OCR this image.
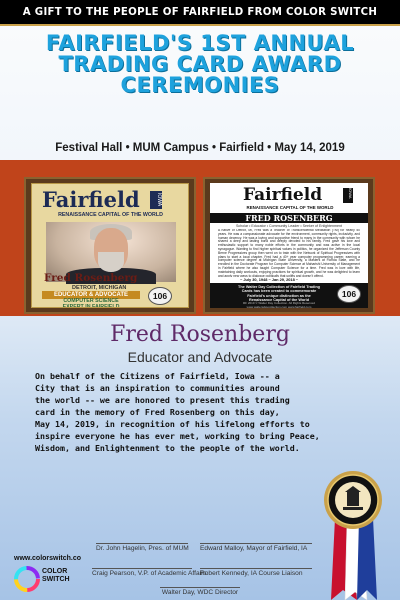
A GIFT TO THE PEOPLE OF FAIRFIELD FROM COLOR SWITCH
FAIRFIELD'S 1ST ANNUAL
TRADING CARD AWARD
CEREMONIES
Festival Hall • MUM Campus • Fairfield • May 14, 2019
Fairfield	IOWA
RENAISSANCE CAPITAL OF THE WORLD
Fred Rosenberg
DETROIT, MICHIGAN
EDUCATOR & ADVOCATE
COMPUTER SCIENCE
EXPERT IN FAIRFIELD
106
Fairfield	IOWA
RENAISSANCE CAPITAL OF THE WORLD
FRED ROSENBERG
Scholar • Educator • Community Leader • Seeker of Enlightenment
A native of Detroit, MI, Fred was a Teacher of Transcendental Meditation (TM) for nearly 50 years. He was a compassionate advocate for the environment, community rights, inclusivity, and human decency. He was a loving and supportive friend to many in the community with whom he shared a deep and lasting bond and deeply devoted to his family. Fred gave his love and enthusiastic support to many noble efforts in the community and was active in the local synagogue. Wanting to find higher spiritual values in politics, he organized the Jefferson County Berne Progressives group then went on to train with the Network of Spiritual Progressives with plans to start a local chapter. Fred had a 40+ year computer programming career, earning a computer science degree at Michigan State University, a Masters at Florida State, and he enrolled in the Doctorate Program for Computer Science at Maharishi University of Management in Fairfield where he also taught Computer Science for a time. Fred was in love with life, maintaining daily workouts, enjoying practices for spiritual growth, and he was delighted to learn and apply new ways to dialogue politically that uplifts and doesn't offend.
~ July 30, 1948 ~ Jan 29, 2018 ~
The Walter Day Collection of Fairfield Trading
Cards has been created to commemorate
Fairfield's unique distinction as the
Renaissance Capital of the World
RF 2019 © Walter Day Collection. All Rights Reserved
www.waltersdaycollection.com www.fairfield.com
106
Fred Rosenberg
Educator and Advocate
On behalf of the Citizens of Fairfield, Iowa -- a
City that is an inspiration to communities around
the world -- we are honored to present this trading
card in the memory of Fred Rosenberg on this day,
May 14, 2019, in recognition of his lifelong efforts to
inspire everyone he has ever met, working to bring Peace,
Wisdom, and Enlightenment to the people of the world.
Dr. John Hagelin, Pres. of MUM Edward Malloy, Mayor of Fairfield, IA
Craig Pearson, V.P. of Academic Affairs
Robert Kennedy, IA Course Liaison
Walter Day, WDC Director
www.colorswitch.co
COLOR
SWITCH
